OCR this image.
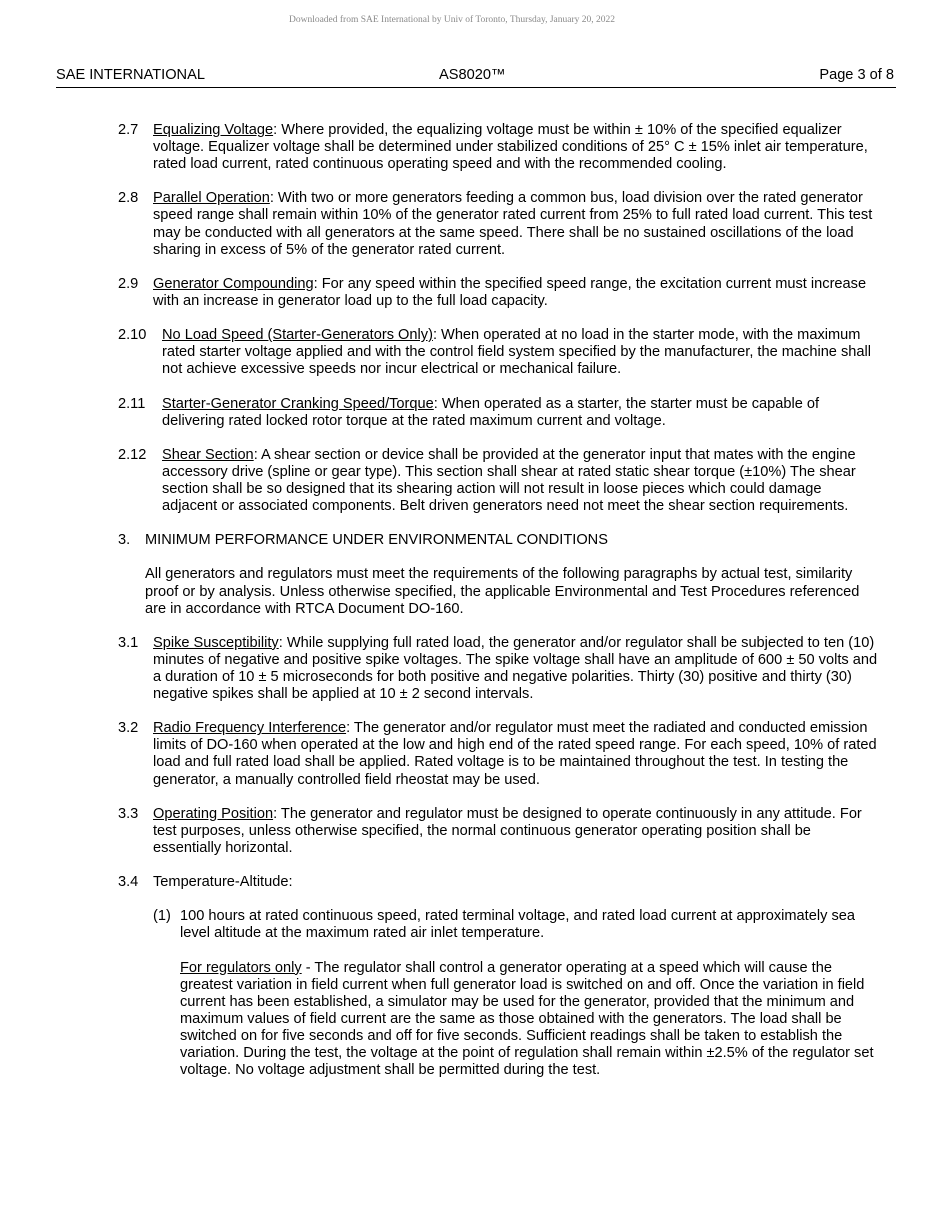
Downloaded from SAE International by Univ of Toronto, Thursday, January 20, 2022
SAE INTERNATIONAL	AS8020™	Page 3 of 8
2.7 Equalizing Voltage: Where provided, the equalizing voltage must be within ± 10% of the specified equalizer voltage. Equalizer voltage shall be determined under stabilized conditions of 25° C ± 15% inlet air temperature, rated load current, rated continuous operating speed and with the recommended cooling.
2.8 Parallel Operation: With two or more generators feeding a common bus, load division over the rated generator speed range shall remain within 10% of the generator rated current from 25% to full rated load current. This test may be conducted with all generators at the same speed. There shall be no sustained oscillations of the load sharing in excess of 5% of the generator rated current.
2.9 Generator Compounding: For any speed within the specified speed range, the excitation current must increase with an increase in generator load up to the full load capacity.
2.10 No Load Speed (Starter-Generators Only): When operated at no load in the starter mode, with the maximum rated starter voltage applied and with the control field system specified by the manufacturer, the machine shall not achieve excessive speeds nor incur electrical or mechanical failure.
2.11 Starter-Generator Cranking Speed/Torque: When operated as a starter, the starter must be capable of delivering rated locked rotor torque at the rated maximum current and voltage.
2.12 Shear Section: A shear section or device shall be provided at the generator input that mates with the engine accessory drive (spline or gear type). This section shall shear at rated static shear torque (±10%) The shear section shall be so designed that its shearing action will not result in loose pieces which could damage adjacent or associated components. Belt driven generators need not meet the shear section requirements.
3. MINIMUM PERFORMANCE UNDER ENVIRONMENTAL CONDITIONS
All generators and regulators must meet the requirements of the following paragraphs by actual test, similarity proof or by analysis. Unless otherwise specified, the applicable Environmental and Test Procedures referenced are in accordance with RTCA Document DO-160.
3.1 Spike Susceptibility: While supplying full rated load, the generator and/or regulator shall be subjected to ten (10) minutes of negative and positive spike voltages. The spike voltage shall have an amplitude of 600 ± 50 volts and a duration of 10 ± 5 microseconds for both positive and negative polarities. Thirty (30) positive and thirty (30) negative spikes shall be applied at 10 ± 2 second intervals.
3.2 Radio Frequency Interference: The generator and/or regulator must meet the radiated and conducted emission limits of DO-160 when operated at the low and high end of the rated speed range. For each speed, 10% of rated load and full rated load shall be applied. Rated voltage is to be maintained throughout the test. In testing the generator, a manually controlled field rheostat may be used.
3.3 Operating Position: The generator and regulator must be designed to operate continuously in any attitude. For test purposes, unless otherwise specified, the normal continuous generator operating position shall be essentially horizontal.
3.4 Temperature-Altitude:
(1) 100 hours at rated continuous speed, rated terminal voltage, and rated load current at approximately sea level altitude at the maximum rated air inlet temperature.
For regulators only - The regulator shall control a generator operating at a speed which will cause the greatest variation in field current when full generator load is switched on and off. Once the variation in field current has been established, a simulator may be used for the generator, provided that the minimum and maximum values of field current are the same as those obtained with the generators. The load shall be switched on for five seconds and off for five seconds. Sufficient readings shall be taken to establish the variation. During the test, the voltage at the point of regulation shall remain within ±2.5% of the regulator set voltage. No voltage adjustment shall be permitted during the test.
